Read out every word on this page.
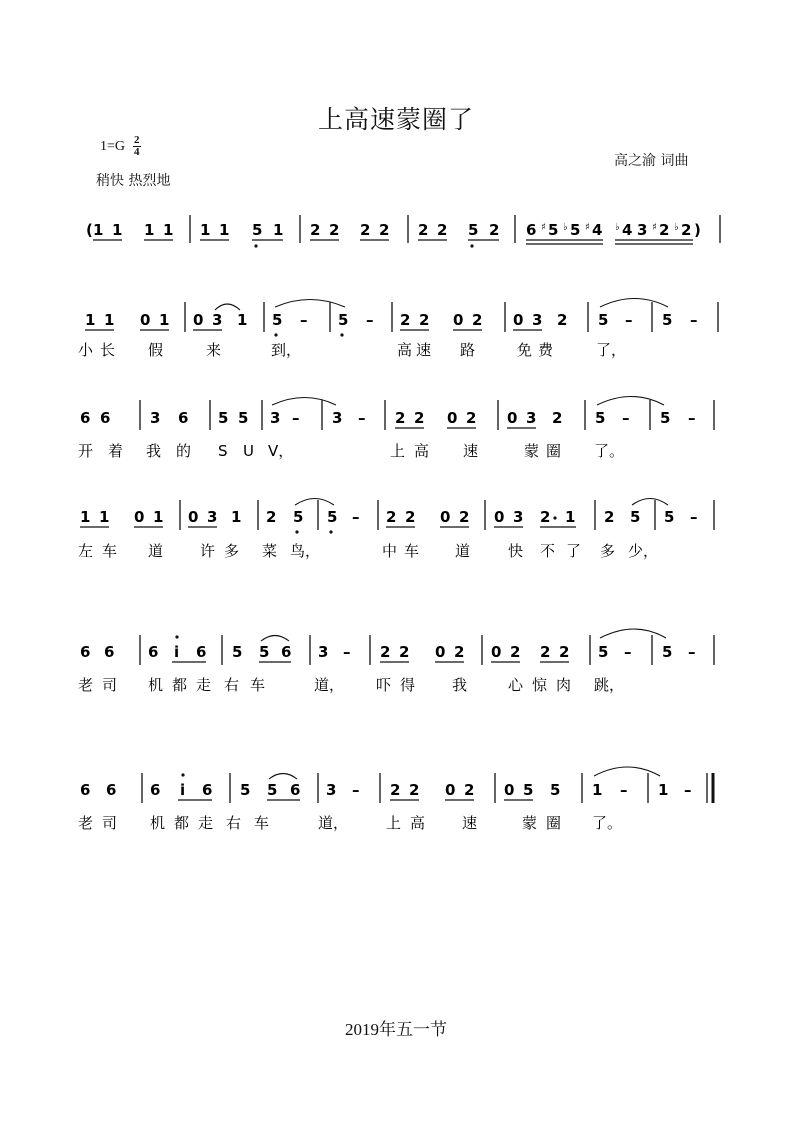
上高速蒙圈了
1=G 2
4
稍快 热烈地
高之渝 词曲
( 1 1 1 1 1 1 5 1 2 2 2 2 2 2 5 2 6 ♯ 5 ♭ 5 ♯ 4 ♭ 4 3 ♯ 2 ♭ 2 )
1 1 0 1 0 3 1 5 – 5 – 2 2 0 2 0 3 2 5 – 5 –
小 长 假	来	到，	高 速 路	免 费	了，
6 6	3 6 5 5 3 – 3 – 2 2 0 2 0 3 2 5 – 5 –
开 着 我 的 S U V，	上 高 速	蒙 圈 了。
1 1 0 1 0 3 1 2 5 5 – 2 2 0 2 0 3 2 1 2 5 5 –
左 车 道 许 多 菜 鸟，	中 车 道	快 不 了 多 少，
6 6 6 i 6 5 5 6 3 – 2 2 0 2 0 2 2 2 5 – 5 –
老 司 机 都 走 右 车	道， 吓 得 我	心 惊 肉 跳，
6 6 6 i 6 5 5 6 3 – 2 2 0 2 0 5 5 1 – 1 –
老 司 机 都 走 右 车	道，	上 高 速	蒙 圈 了。
2019年五一节
